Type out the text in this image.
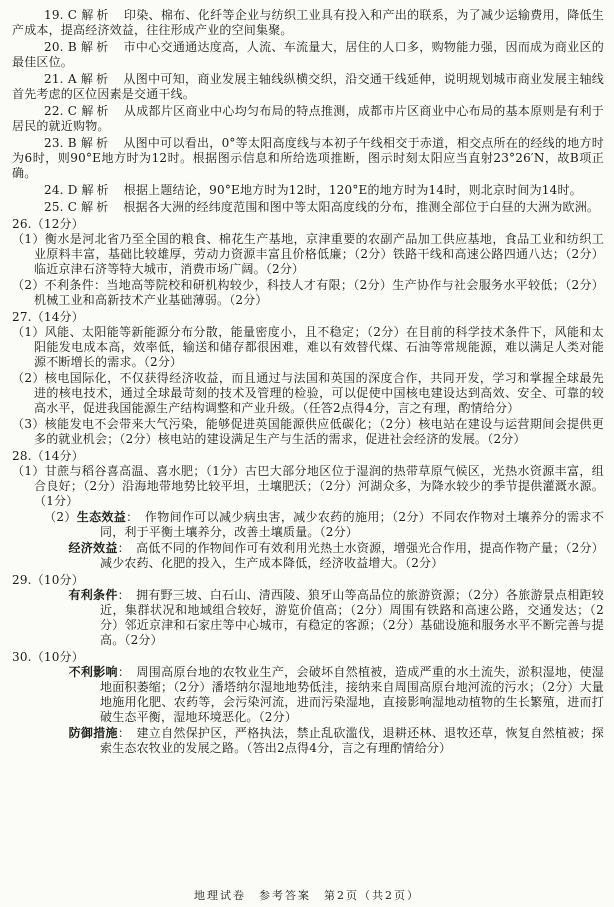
19. C 解析　 印染、棉布、化纤等企业与纺织工业具有投入和产出的联系，为了减少运输费用，降低生产成本，提高经济效益，往往形成产业的空间集聚。

20. B 解析　 市中心交通通达度高，人流、车流量大，居住的人口多，购物能力强，因而成为商业区的最佳区位。

21. A 解析　 从图中可知，商业发展主轴线纵横交织，沿交通干线延伸，说明规划城市商业发展主轴线首先考虑的区位因素是交通干线。

22. C 解析　 从成都片区商业中心均匀布局的特点推测，成都市片区商业中心布局的基本原则是有利于居民的就近购物。

23. B 解析　 从图中可以看出，0°等太阳高度线与本初子午线相交于赤道，相交点所在的经线的地方时为6时，则90°E地方时为12时。根据图示信息和所给选项推断，图示时刻太阳应当直射23°26′N，故B项正确。

24. D 解析　 根据上题结论，90°E地方时为12时，120°E的地方时为14时，则北京时间为14时。

25. C 解析　 根据各大洲的经纬度范围和图中等太阳高度线的分布，推测全部位于白昼的大洲为欧洲。

26.（12分）

（1）衡水是河北省乃至全国的粮食、棉花生产基地，京津重要的农副产品加工供应基地，食品工业和纺织工业原料丰富，基础比较雄厚，劳动力资源丰富且价格低廉；（2分）铁路干线和高速公路四通八达；（2分）临近京津石济等特大城市，消费市场广阔。（2分）

（2）不利条件：当地高等院校和研机构较少，科技人才有限；（2分）生产协作与社会服务水平较低；（2分）机械工业和高新技术产业基础薄弱。（2分）

27.（14分）

（1）风能、太阳能等新能源分布分散，能量密度小，且不稳定；（2分）在目前的科学技术条件下，风能和太阳能发电成本高，效率低，输送和储存都很困难，难以有效替代煤、石油等常规能源，难以满足人类对能源不断增长的需求。（2分）

（2）核电国际化，不仅获得经济收益，而且通过与法国和英国的深度合作，共同开发，学习和掌握全球最先进的核电技术，通过全球最苛刻的技术及管理的检验，可以促使中国核电建设达到高效、安全、可靠的较高水平，促进我国能源生产结构调整和产业升级。（任答2点得4分，言之有理，酌情给分）

（3）核能发电不会带来大气污染，能够促进英国能源供应低碳化；（2分）核电站在建设与运营期间会提供更多的就业机会；（2分）核电站的建设满足生产与生活的需求，促进社会经济的发展。（2分）

28.（14分）

（1）甘蔗与稻谷喜高温、喜水肥；（1分）古巴大部分地区位于湿润的热带草原气候区，光热水资源丰富，组合良好；（2分）沿海地带地势比较平坦，土壤肥沃；（2分）河湖众多，为降水较少的季节提供灌溉水源。（1分）

（2）生态效益：　作物间作可以减少病虫害，减少农药的施用；（2分）不同农作物对土壤养分的需求不同，利于平衡土壤养分，改善土壤质量。（2分）

　　经济效益：　高低不同的作物间作可有效利用光热土水资源，增强光合作用，提高作物产量；（2分）减少农药、化肥的投入，生产成本降低，经济收益增大。（2分）

29.（10分）

　　有利条件：　拥有野三坡、白石山、清西陵、狼牙山等高品位的旅游资源；（2分）各旅游景点相距较近，集群状况和地域组合较好，游览价值高；（2分）周围有铁路和高速公路，交通发达；（2分）邻近京津和石家庄等中心城市，有稳定的客源；（2分）基础设施和服务水平不断完善与提高。（2分）

30.（10分）

　　不利影响：　周围高原台地的农牧业生产，会破坏自然植被，造成严重的水土流失，淤积湿地，使湿地面积萎缩；（2分）潘塔纳尔湿地地势低洼，接纳来自周围高原台地河流的污水；（2分）大量地施用化肥、农药等，会污染河流，进而污染湿地，直接影响湿地动植物的生长繁殖，进而打破生态平衡，湿地环境恶化。（2分）

　　防御措施：　建立自然保护区，严格执法，禁止乱砍滥伐，退耕还林、退牧还草，恢复自然植被；探索生态农牧业的发展之路。（答出2点得4分，言之有理酌情给分）

地理试卷　参考答案　第2页（共2页）
